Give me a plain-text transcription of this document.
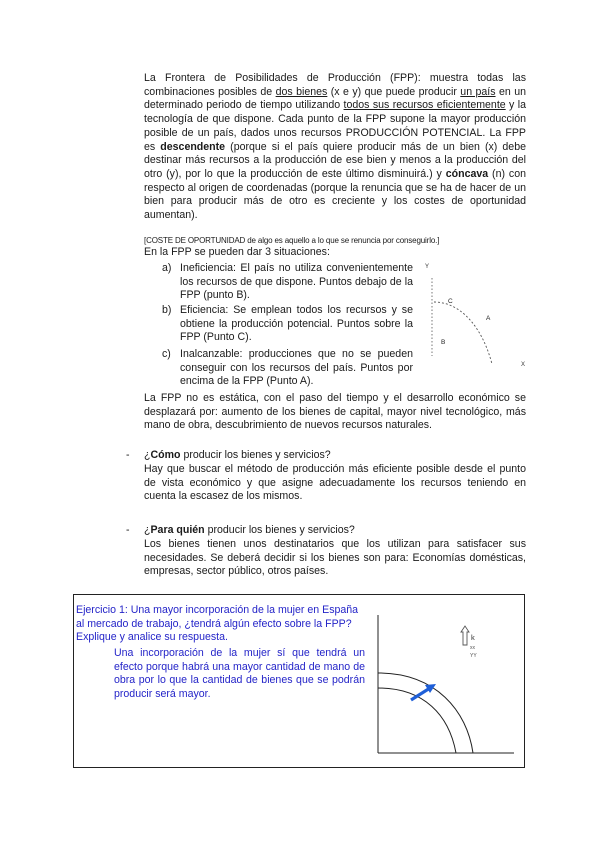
La Frontera de Posibilidades de Producción (FPP): muestra todas las combinaciones posibles de dos bienes (x e y) que puede producir un país en un determinado periodo de tiempo utilizando todos sus recursos eficientemente y la tecnología de que dispone. Cada punto de la FPP supone la mayor producción posible de un país, dados unos recursos PRODUCCIÓN POTENCIAL. La FPP es descendente (porque si el país quiere producir más de un bien (x) debe destinar más recursos a la producción de ese bien y menos a la producción del otro (y), por lo que la producción de este último disminuirá.) y cóncava (n) con respecto al origen de coordenadas (porque la renuncia que se ha de hacer de un bien para producir más de otro es creciente y los costes de oportunidad aumentan).

[COSTE DE OPORTUNIDAD de algo es aquello a lo que se renuncia por conseguirlo.]
En la FPP se pueden dar 3 situaciones:
a) Ineficiencia: El país no utiliza convenientemente los recursos de que dispone. Puntos debajo de la FPP (punto B).
b) Eficiencia: Se emplean todos los recursos y se obtiene la producción potencial. Puntos sobre la FPP (Punto C).
c) Inalcanzable: producciones que no se pueden conseguir con los recursos del país. Puntos por encima de la FPP (Punto A).
Y
C
A
B
X

La FPP no es estática, con el paso del tiempo y el desarrollo económico se desplazará por: aumento de los bienes de capital, mayor nivel tecnológico, más mano de obra, descubrimiento de nuevos recursos naturales.

- ¿Cómo producir los bienes y servicios?

Hay que buscar el método de producción más eficiente posible desde el punto de vista económico y que asigne adecuadamente los recursos teniendo en cuenta la escasez de los mismos.

- ¿Para quién producir los bienes y servicios?

Los bienes tienen unos destinatarios que los utilizan para satisfacer sus necesidades. Se deberá decidir si los bienes son para: Economías domésticas, empresas, sector público, otros países.

Ejercicio 1: Una mayor incorporación de la mujer en España al mercado de trabajo, ¿tendrá algún efecto sobre la FPP? Explique y analice su respuesta.

Una incorporación de la mujer sí que tendrá un efecto porque habrá una mayor cantidad de mano de obra por lo que la cantidad de bienes que se podrán producir será mayor.

k
xx
YY
